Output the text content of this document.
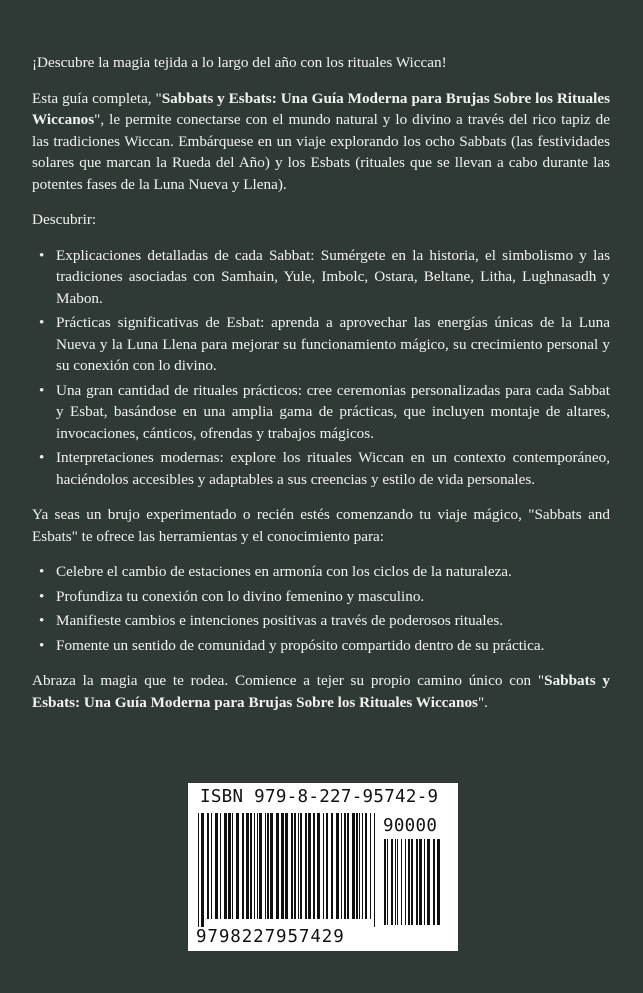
¡Descubre la magia tejida a lo largo del año con los rituales Wiccan!

Esta guía completa, "Sabbats y Esbats: Una Guía Moderna para Brujas Sobre los Rituales Wiccanos", le permite conectarse con el mundo natural y lo divino a través del rico tapiz de las tradiciones Wiccan. Embárquese en un viaje explorando los ocho Sabbats (las festividades solares que marcan la Rueda del Año) y los Esbats (rituales que se llevan a cabo durante las potentes fases de la Luna Nueva y Llena).

Descubrir:

• Explicaciones detalladas de cada Sabbat: Sumérgete en la historia, el simbolismo y las tradiciones asociadas con Samhain, Yule, Imbolc, Ostara, Beltane, Litha, Lughnasadh y Mabon.
• Prácticas significativas de Esbat: aprenda a aprovechar las energías únicas de la Luna Nueva y la Luna Llena para mejorar su funcionamiento mágico, su crecimiento personal y su conexión con lo divino.
• Una gran cantidad de rituales prácticos: cree ceremonias personalizadas para cada Sabbat y Esbat, basándose en una amplia gama de prácticas, que incluyen montaje de altares, invocaciones, cánticos, ofrendas y trabajos mágicos.
• Interpretaciones modernas: explore los rituales Wiccan en un contexto contemporáneo, haciéndolos accesibles y adaptables a sus creencias y estilo de vida personales.

Ya seas un brujo experimentado o recién estés comenzando tu viaje mágico, "Sabbats and Esbats" te ofrece las herramientas y el conocimiento para:

• Celebre el cambio de estaciones en armonía con los ciclos de la naturaleza.
• Profundiza tu conexión con lo divino femenino y masculino.
• Manifieste cambios e intenciones positivas a través de poderosos rituales.
• Fomente un sentido de comunidad y propósito compartido dentro de su práctica.

Abraza la magia que te rodea. Comience a tejer su propio camino único con "Sabbats y Esbats: Una Guía Moderna para Brujas Sobre los Rituales Wiccanos".

ISBN 979-8-227-95742-9
90000
9798227957429
